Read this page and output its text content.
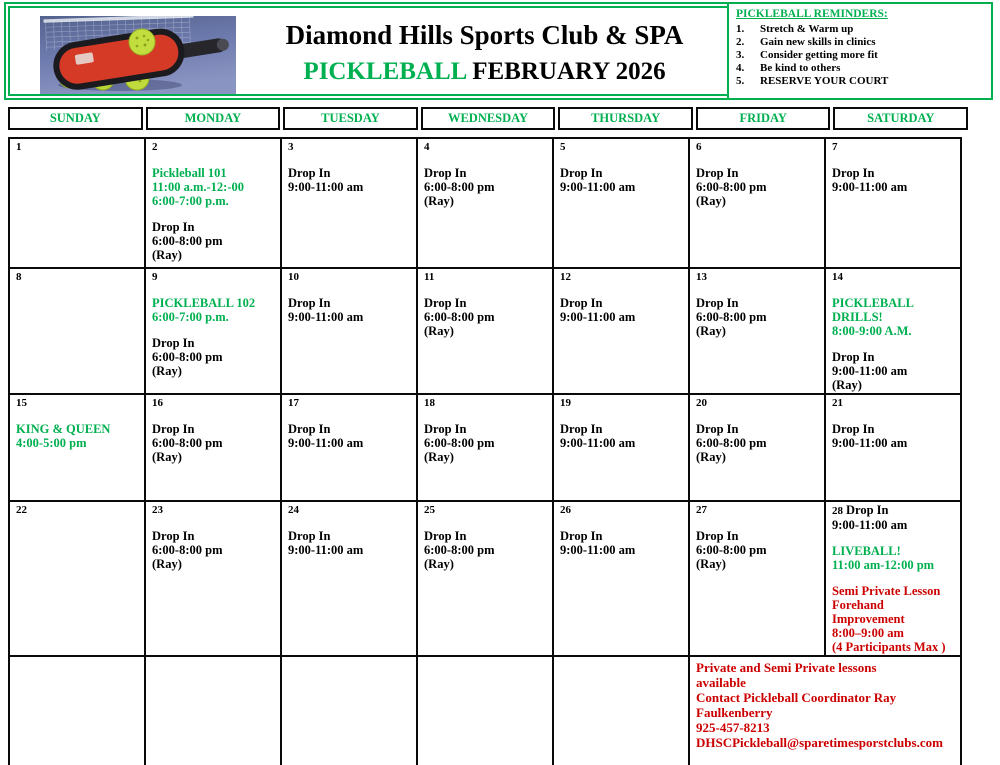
Diamond Hills Sports Club & SPA
PICKLEBALL FEBRUARY 2026
PICKLEBALL REMINDERS:
Stretch & Warm up
Gain new skills in clinics
Consider getting more fit
Be kind to others
RESERVE YOUR COURT
SUNDAY	MONDAY	TUESDAY	WEDNESDAY	THURSDAY	FRIDAY	SATURDAY
1	2
Pickleball 101
11:00 a.m.-12:-00
6:00-7:00 p.m.
Drop In
6:00-8:00 pm
(Ray)

3
Drop In
9:00-11:00 am

4
Drop In
6:00-8:00 pm
(Ray)

5
Drop In
9:00-11:00 am

6
Drop In
6:00-8:00 pm
(Ray)

7
Drop In
9:00-11:00 am

8	9
PICKLEBALL 102
6:00-7:00 p.m.
Drop In
6:00-8:00 pm
(Ray)

10
Drop In
9:00-11:00 am

11
Drop In
6:00-8:00 pm
(Ray)

12
Drop In
9:00-11:00 am

13
Drop In
6:00-8:00 pm
(Ray)

14
PICKLEBALL
DRILLS!
8:00-9:00 A.M.
Drop In
9:00-11:00 am
(Ray)

15
KING & QUEEN
4:00-5:00 pm

16
Drop In
6:00-8:00 pm
(Ray)

17
Drop In
9:00-11:00 am

18
Drop In
6:00-8:00 pm
(Ray)

19
Drop In
9:00-11:00 am

20
Drop In
6:00-8:00 pm
(Ray)

21
Drop In
9:00-11:00 am

22	23
Drop In
6:00-8:00 pm
(Ray)

24
Drop In
9:00-11:00 am

25
Drop In
6:00-8:00 pm
(Ray)

26
Drop In
9:00-11:00 am

27
Drop In
6:00-8:00 pm
(Ray)

28 Drop In
9:00-11:00 am
LIVEBALL!
11:00 am-12:00 pm
Semi Private Lesson
Forehand Improvement
8:00–9:00 am
(4 Participants Max )

Private and Semi Private lessons
available
Contact Pickleball Coordinator Ray
Faulkenberry
925-457-8213
DHSCPickleball@sparetimesporstclubs.com
